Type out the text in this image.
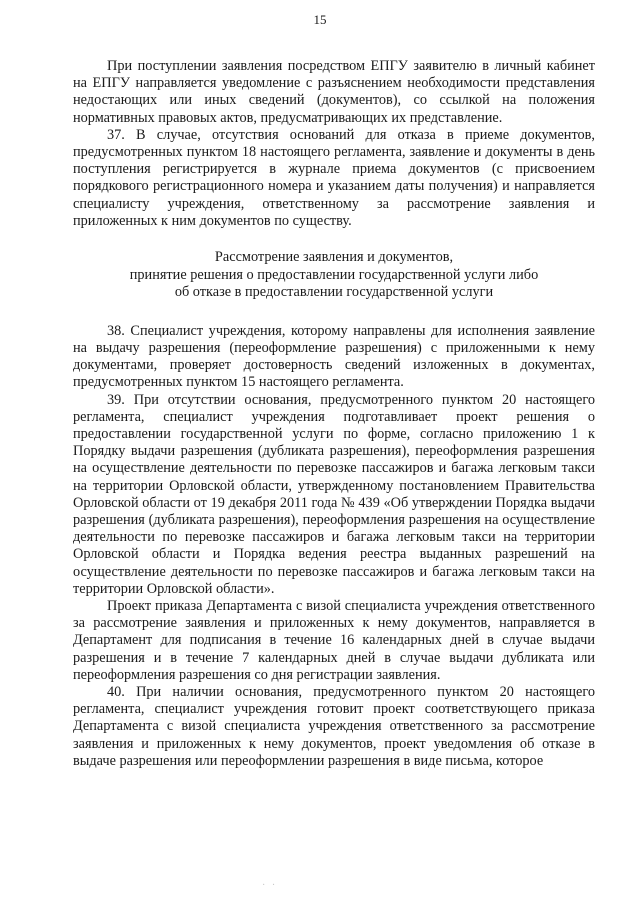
15

При поступлении заявления посредством ЕПГУ заявителю в личный кабинет на ЕПГУ направляется уведомление с разъяснением необходимости представления недостающих или иных сведений (документов), со ссылкой на положения нормативных правовых актов, предусматривающих их представление.

37. В случае, отсутствия оснований для отказа в приеме документов, предусмотренных пунктом 18 настоящего регламента, заявление и документы в день поступления регистрируется в журнале приема документов (с присвоением порядкового регистрационного номера и указанием даты получения) и направляется специалисту учреждения, ответственному за рассмотрение заявления и приложенных к ним документов по существу.

Рассмотрение заявления и документов,
принятие решения о предоставлении государственной услуги либо
об отказе в предоставлении государственной услуги

38. Специалист учреждения, которому направлены для исполнения заявление на выдачу разрешения (переоформление разрешения) с приложенными к нему документами, проверяет достоверность сведений изложенных в документах, предусмотренных пунктом 15 настоящего регламента.

39. При отсутствии основания, предусмотренного пунктом 20 настоящего регламента, специалист учреждения подготавливает проект решения о предоставлении государственной услуги по форме, согласно приложению 1 к Порядку выдачи разрешения (дубликата разрешения), переоформления разрешения на осуществление деятельности по перевозке пассажиров и багажа легковым такси на территории Орловской области, утвержденному постановлением Правительства Орловской области от 19 декабря 2011 года № 439 «Об утверждении Порядка выдачи разрешения (дубликата разрешения), переоформления разрешения на осуществление деятельности по перевозке пассажиров и багажа легковым такси на территории Орловской области и Порядка ведения реестра выданных разрешений на осуществление деятельности по перевозке пассажиров и багажа легковым такси на территории Орловской области».

Проект приказа Департамента с визой специалиста учреждения ответственного за рассмотрение заявления и приложенных к нему документов, направляется в Департамент для подписания в течение 16 календарных дней в случае выдачи разрешения и в течение 7 календарных дней в случае выдачи дубликата или переоформления разрешения со дня регистрации заявления.

40. При наличии основания, предусмотренного пунктом 20 настоящего регламента, специалист учреждения готовит проект соответствующего приказа Департамента с визой специалиста учреждения ответственного за рассмотрение заявления и приложенных к нему документов, проект уведомления об отказе в выдаче разрешения или переоформлении разрешения в виде письма, которое

· ·
